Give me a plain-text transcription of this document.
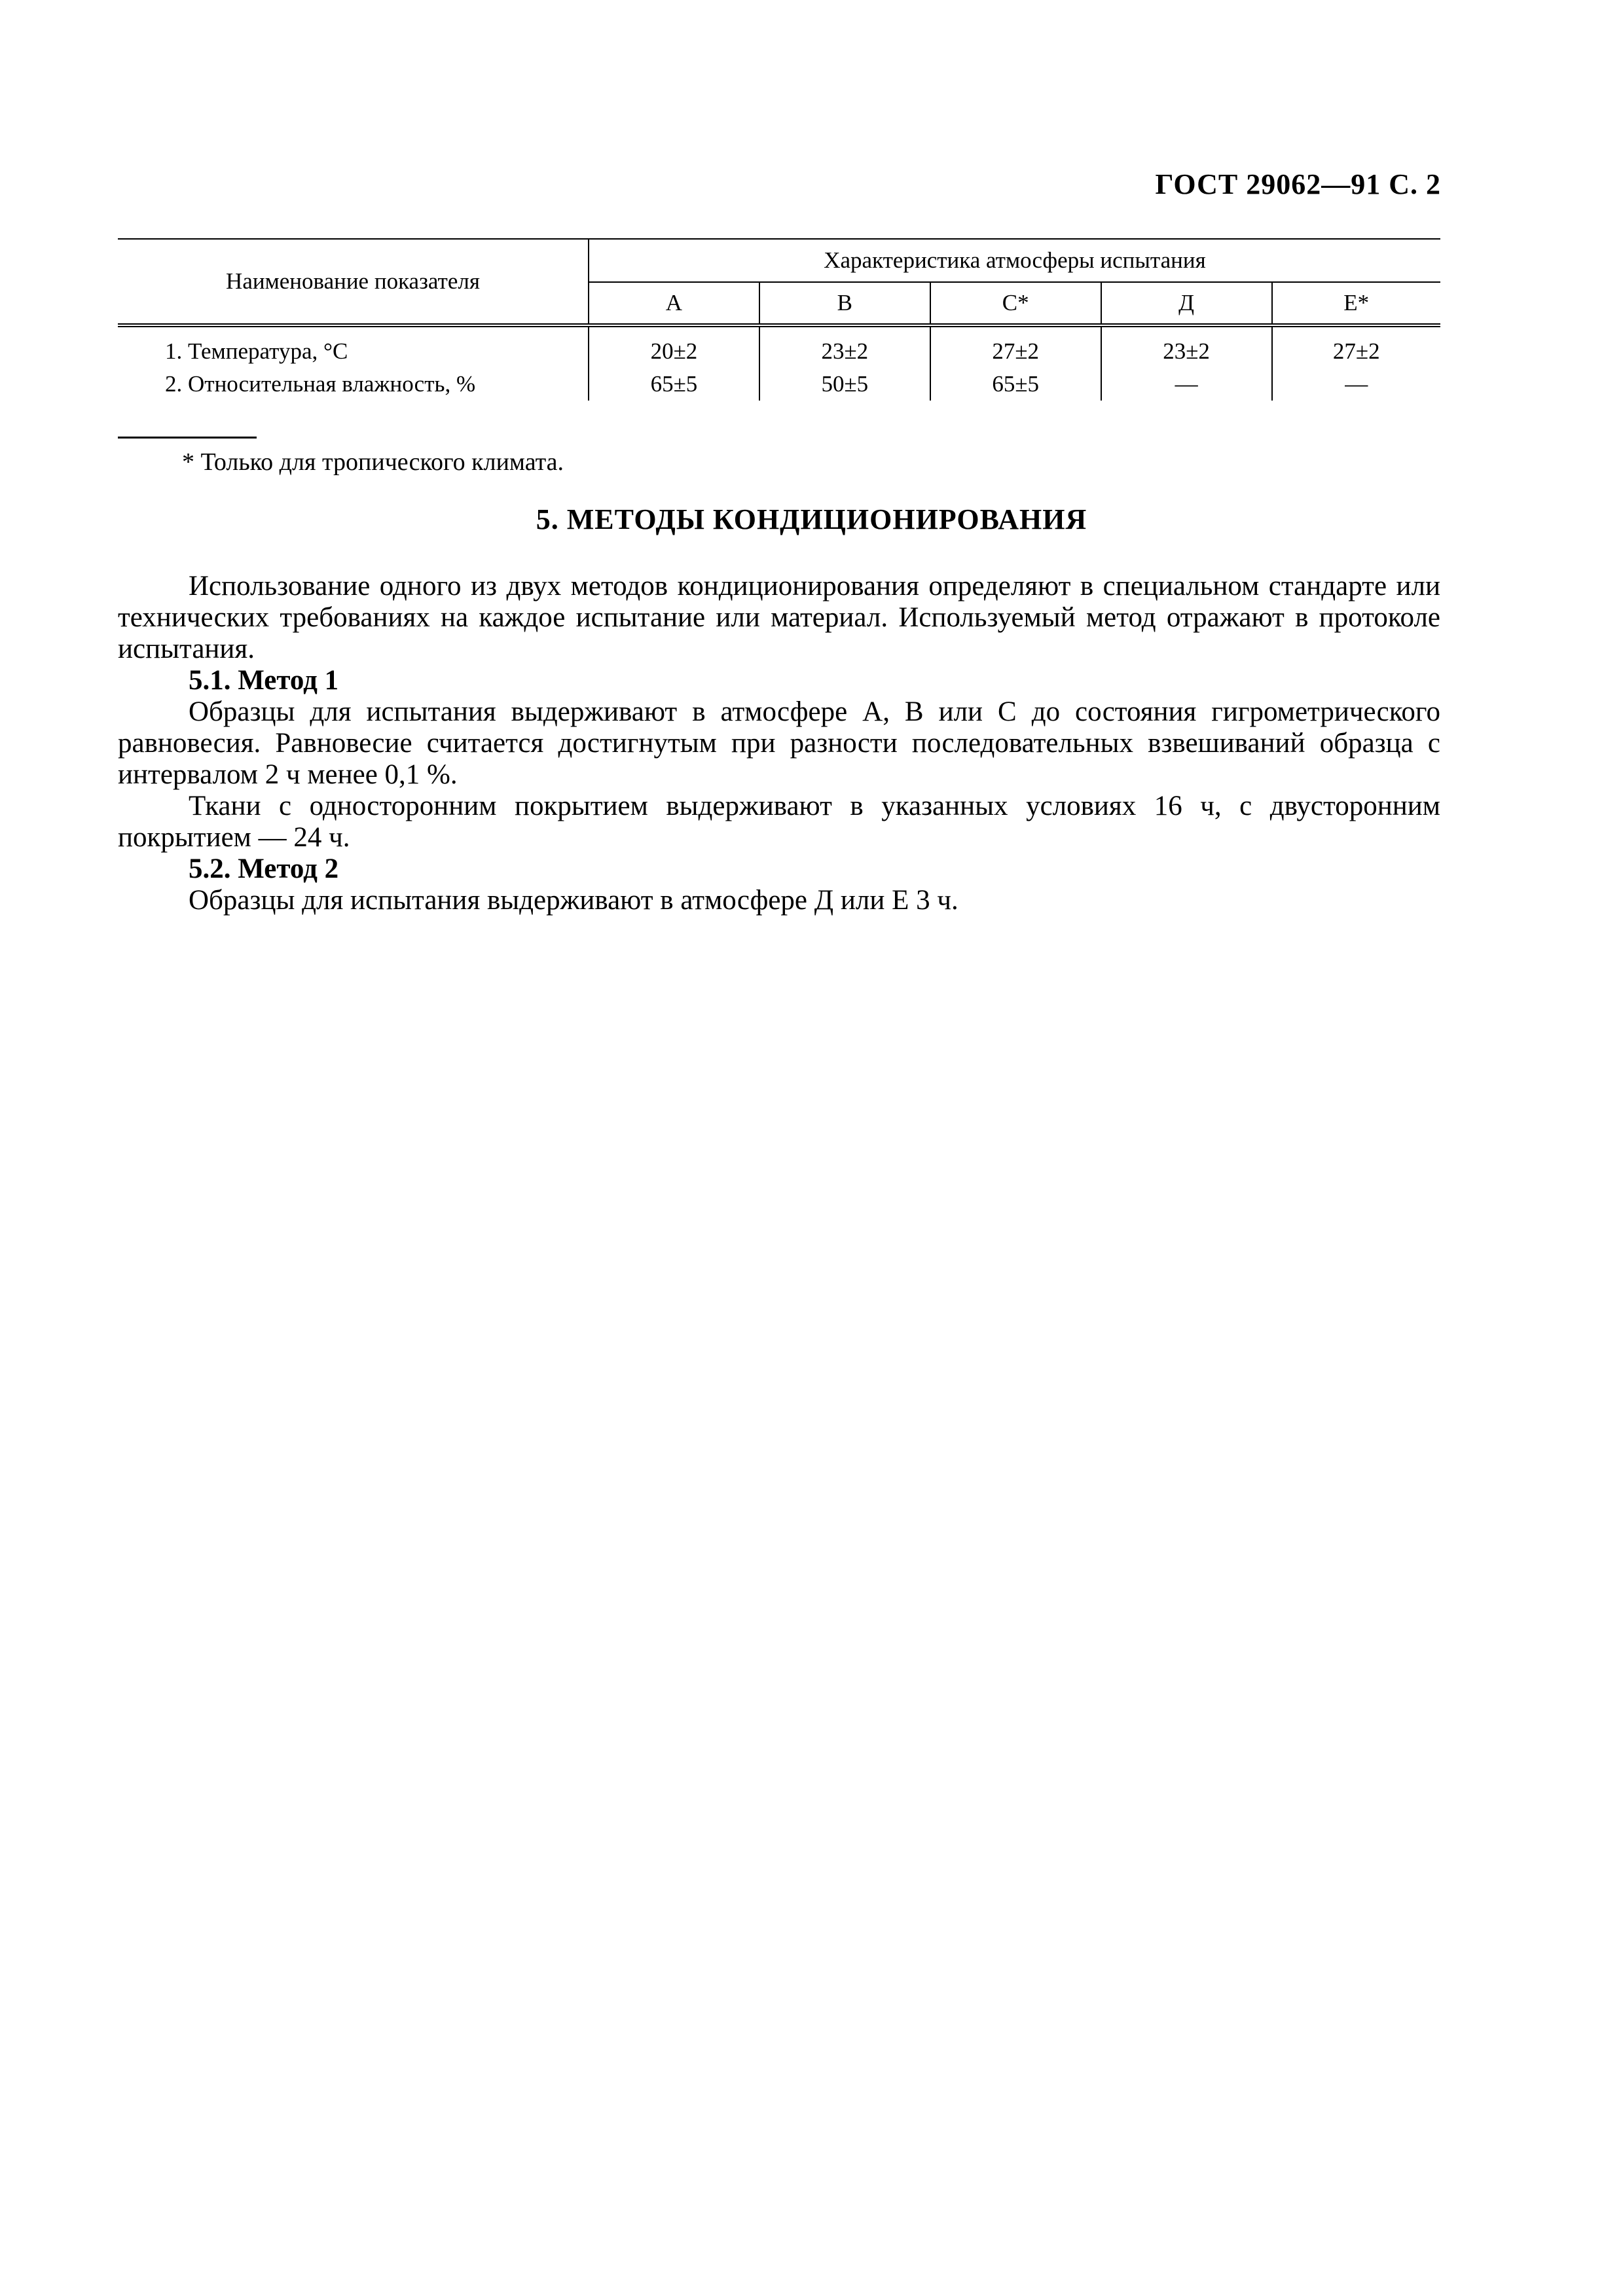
ГОСТ 29062—91 С. 2

Наименование показателя	Характеристика атмосферы испытания				
	А	В	С*	Д	Е*
1. Температура, °С	20±2	23±2	27±2	23±2	27±2
2. Относительная влажность, %	65±5	50±5	65±5	—	—
* Только для тропического климата.
5. МЕТОДЫ КОНДИЦИОНИРОВАНИЯ

Использование одного из двух методов кондиционирования определяют в специальном стандарте или технических требованиях на каждое испытание или материал. Используемый метод отражают в протоколе испытания.

5.1. Метод 1

Образцы для испытания выдерживают в атмосфере А, В или С до состояния гигрометрического равновесия. Равновесие считается достигнутым при разности последовательных взвешиваний образца с интервалом 2 ч менее 0,1 %.

Ткани с односторонним покрытием выдерживают в указанных условиях 16 ч, с двусторонним покрытием — 24 ч.

5.2. Метод 2

Образцы для испытания выдерживают в атмосфере Д или Е 3 ч.
